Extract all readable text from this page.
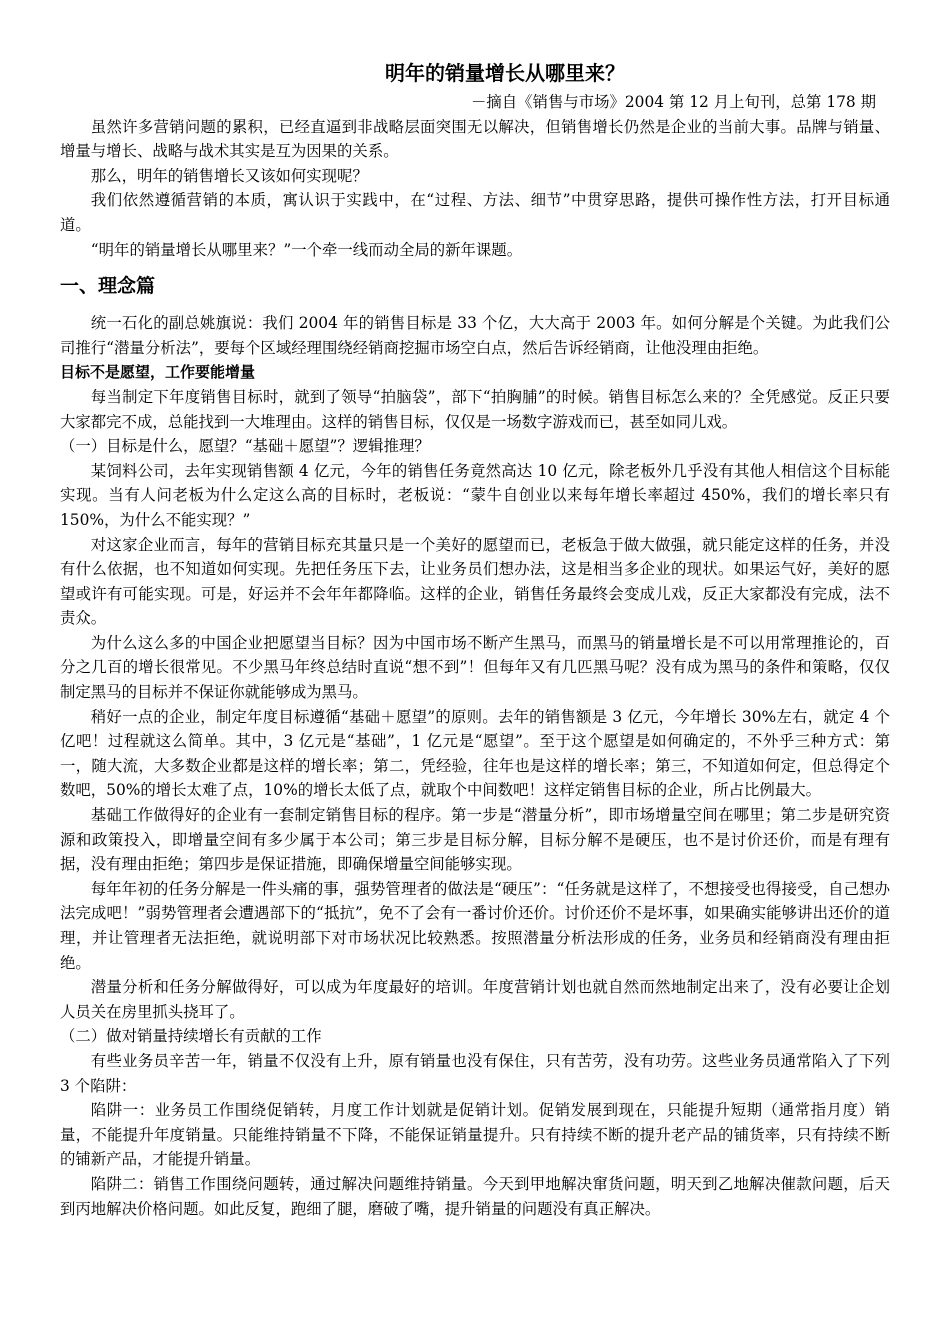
明年的销量增长从哪里来？

－摘自《销售与市场》2004 第 12 月上旬刊，总第 178 期

虽然许多营销问题的累积，已经直逼到非战略层面突围无以解决，但销售增长仍然是企业的当前大事。品牌与销量、增量与增长、战略与战术其实是互为因果的关系。

那么，明年的销售增长又该如何实现呢？

我们依然遵循营销的本质，寓认识于实践中，在“过程、方法、细节”中贯穿思路，提供可操作性方法，打开目标通道。

“明年的销量增长从哪里来？”一个牵一线而动全局的新年课题。

一、理念篇

统一石化的副总姚旗说：我们 2004 年的销售目标是 33 个亿，大大高于 2003 年。如何分解是个关键。为此我们公司推行“潜量分析法”，要每个区域经理围绕经销商挖掘市场空白点，然后告诉经销商，让他没理由拒绝。

目标不是愿望，工作要能增量

每当制定下年度销售目标时，就到了领导“拍脑袋”，部下“拍胸脯”的时候。销售目标怎么来的？全凭感觉。反正只要大家都完不成，总能找到一大堆理由。这样的销售目标，仅仅是一场数字游戏而已，甚至如同儿戏。

（一）目标是什么，愿望？“基础＋愿望”？逻辑推理？

某饲料公司，去年实现销售额 4 亿元，今年的销售任务竟然高达 10 亿元，除老板外几乎没有其他人相信这个目标能实现。当有人问老板为什么定这么高的目标时，老板说：“蒙牛自创业以来每年增长率超过 450%，我们的增长率只有 150%，为什么不能实现？”

对这家企业而言，每年的营销目标充其量只是一个美好的愿望而已，老板急于做大做强，就只能定这样的任务，并没有什么依据，也不知道如何实现。先把任务压下去，让业务员们想办法，这是相当多企业的现状。如果运气好，美好的愿望或许有可能实现。可是，好运并不会年年都降临。这样的企业，销售任务最终会变成儿戏，反正大家都没有完成，法不责众。

为什么这么多的中国企业把愿望当目标？因为中国市场不断产生黑马，而黑马的销量增长是不可以用常理推论的，百分之几百的增长很常见。不少黑马年终总结时直说“想不到”！但每年又有几匹黑马呢？没有成为黑马的条件和策略，仅仅制定黑马的目标并不保证你就能够成为黑马。

稍好一点的企业，制定年度目标遵循“基础＋愿望”的原则。去年的销售额是 3 亿元，今年增长 30%左右，就定 4 个亿吧！过程就这么简单。其中，3 亿元是“基础”，1 亿元是“愿望”。至于这个愿望是如何确定的，不外乎三种方式：第一，随大流，大多数企业都是这样的增长率；第二，凭经验，往年也是这样的增长率；第三，不知道如何定，但总得定个数吧，50%的增长太难了点，10%的增长太低了点，就取个中间数吧！这样定销售目标的企业，所占比例最大。

基础工作做得好的企业有一套制定销售目标的程序。第一步是“潜量分析”，即市场增量空间在哪里；第二步是研究资源和政策投入，即增量空间有多少属于本公司；第三步是目标分解，目标分解不是硬压，也不是讨价还价，而是有理有据，没有理由拒绝；第四步是保证措施，即确保增量空间能够实现。

每年年初的任务分解是一件头痛的事，强势管理者的做法是“硬压”：“任务就是这样了，不想接受也得接受，自己想办法完成吧！”弱势管理者会遭遇部下的“抵抗”，免不了会有一番讨价还价。讨价还价不是坏事，如果确实能够讲出还价的道理，并让管理者无法拒绝，就说明部下对市场状况比较熟悉。按照潜量分析法形成的任务，业务员和经销商没有理由拒绝。

潜量分析和任务分解做得好，可以成为年度最好的培训。年度营销计划也就自然而然地制定出来了，没有必要让企划人员关在房里抓头挠耳了。

（二）做对销量持续增长有贡献的工作

有些业务员辛苦一年，销量不仅没有上升，原有销量也没有保住，只有苦劳，没有功劳。这些业务员通常陷入了下列 3 个陷阱：

陷阱一：业务员工作围绕促销转，月度工作计划就是促销计划。促销发展到现在，只能提升短期（通常指月度）销量，不能提升年度销量。只能维持销量不下降，不能保证销量提升。只有持续不断的提升老产品的铺货率，只有持续不断的铺新产品，才能提升销量。

陷阱二：销售工作围绕问题转，通过解决问题维持销量。今天到甲地解决窜货问题，明天到乙地解决催款问题，后天到丙地解决价格问题。如此反复，跑细了腿，磨破了嘴，提升销量的问题没有真正解决。
